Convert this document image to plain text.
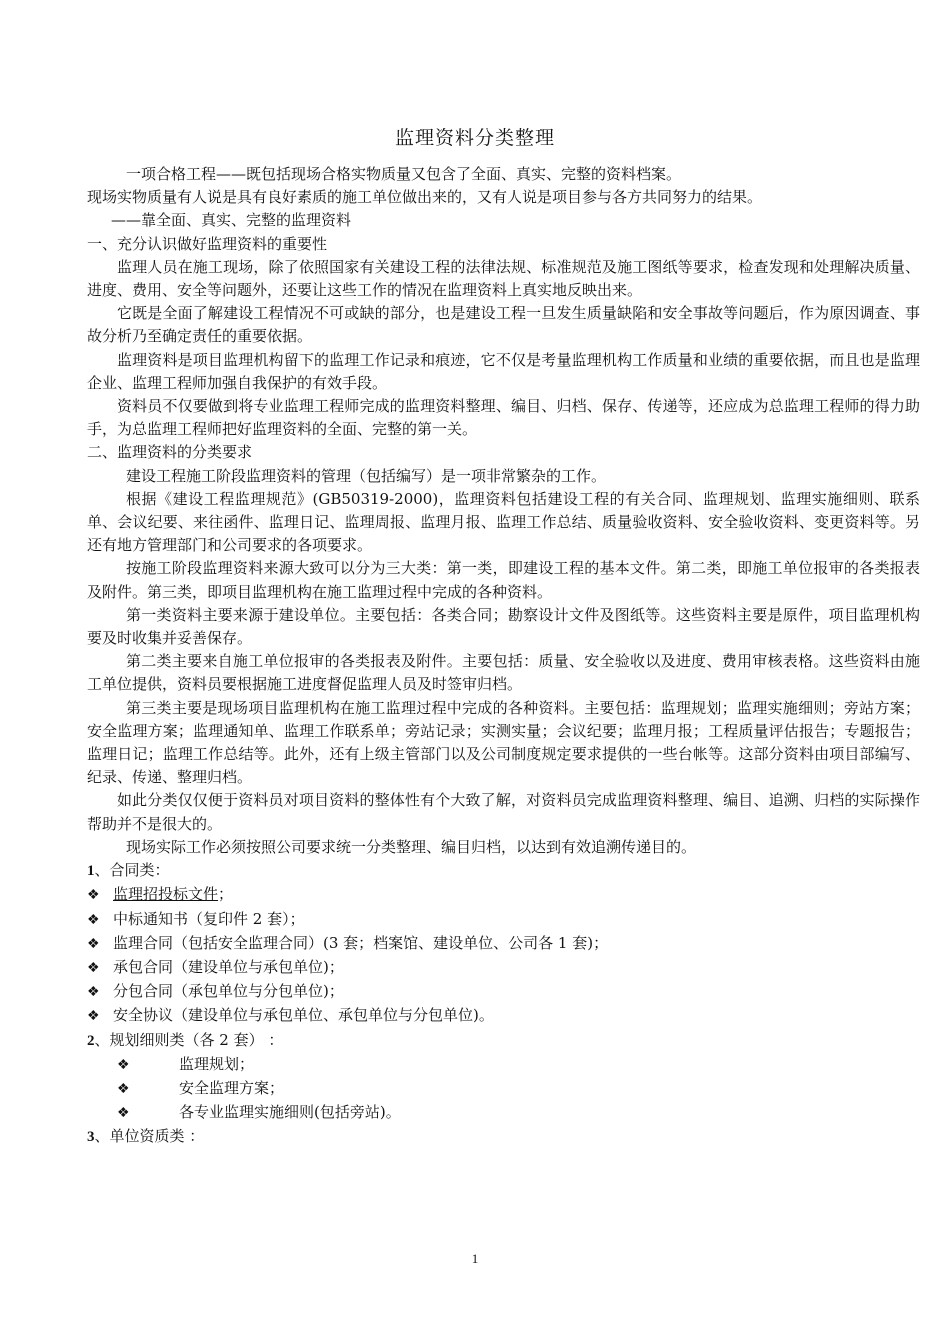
监理资料分类整理

一项合格工程——既包括现场合格实物质量又包含了全面、真实、完整的资料档案。

现场实物质量有人说是具有良好素质的施工单位做出来的，又有人说是项目参与各方共同努力的结果。

——靠全面、真实、完整的监理资料

一、充分认识做好监理资料的重要性

监理人员在施工现场，除了依照国家有关建设工程的法律法规、标准规范及施工图纸等要求，检查发现和处理解决质量、进度、费用、安全等问题外，还要让这些工作的情况在监理资料上真实地反映出来。

它既是全面了解建设工程情况不可或缺的部分，也是建设工程一旦发生质量缺陷和安全事故等问题后，作为原因调查、事故分析乃至确定责任的重要依据。

监理资料是项目监理机构留下的监理工作记录和痕迹，它不仅是考量监理机构工作质量和业绩的重要依据，而且也是监理企业、监理工程师加强自我保护的有效手段。

资料员不仅要做到将专业监理工程师完成的监理资料整理、编目、归档、保存、传递等，还应成为总监理工程师的得力助手，为总监理工程师把好监理资料的全面、完整的第一关。

二、监理资料的分类要求

建设工程施工阶段监理资料的管理（包括编写）是一项非常繁杂的工作。

根据《建设工程监理规范》(GB50319-2000)，监理资料包括建设工程的有关合同、监理规划、监理实施细则、联系单、会议纪要、来往函件、监理日记、监理周报、监理月报、监理工作总结、质量验收资料、安全验收资料、变更资料等。另还有地方管理部门和公司要求的各项要求。

按施工阶段监理资料来源大致可以分为三大类：第一类，即建设工程的基本文件。第二类，即施工单位报审的各类报表及附件。第三类，即项目监理机构在施工监理过程中完成的各种资料。

第一类资料主要来源于建设单位。主要包括：各类合同；勘察设计文件及图纸等。这些资料主要是原件，项目监理机构要及时收集并妥善保存。

第二类主要来自施工单位报审的各类报表及附件。主要包括：质量、安全验收以及进度、费用审核表格。这些资料由施工单位提供，资料员要根据施工进度督促监理人员及时签审归档。

第三类主要是现场项目监理机构在施工监理过程中完成的各种资料。主要包括：监理规划；监理实施细则；旁站方案；安全监理方案；监理通知单、监理工作联系单；旁站记录；实测实量；会议纪要；监理月报；工程质量评估报告；专题报告；监理日记；监理工作总结等。此外，还有上级主管部门以及公司制度规定要求提供的一些台帐等。这部分资料由项目部编写、纪录、传递、整理归档。

如此分类仅仅便于资料员对项目资料的整体性有个大致了解，对资料员完成监理资料整理、编目、追溯、归档的实际操作帮助并不是很大的。

现场实际工作必须按照公司要求统一分类整理、编目归档，以达到有效追溯传递目的。

1、合同类：

❖ 监理招投标文件；
❖ 中标通知书（复印件 2 套）；
❖ 监理合同（包括安全监理合同）(3 套；档案馆、建设单位、公司各 1 套)；
❖ 承包合同（建设单位与承包单位)；
❖ 分包合同（承包单位与分包单位)；
❖ 安全协议（建设单位与承包单位、承包单位与分包单位)。

2、规划细则类（各 2 套） ：

❖	监理规划；
❖	安全监理方案；
❖	各专业监理实施细则(包括旁站)。

3、单位资质类 ：

1
